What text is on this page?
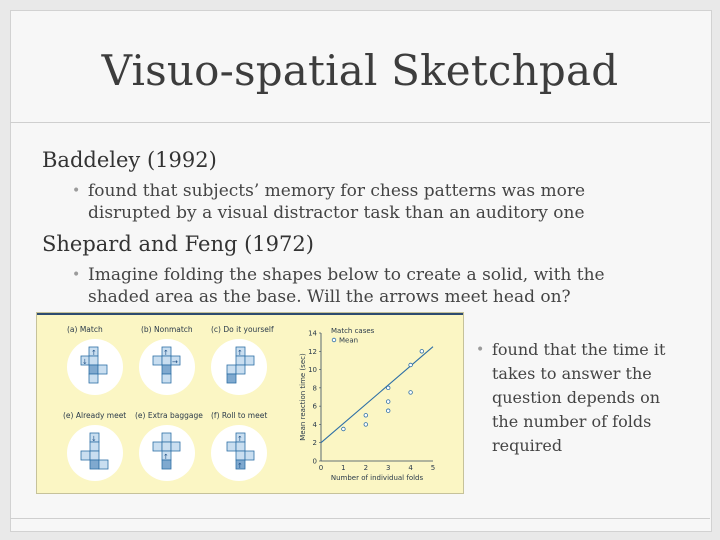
Visuo-spatial Sketchpad
Baddeley (1992)
• found that subjects’ memory for chess patterns was more
disrupted by a visual distractor task than an auditory one
Shepard and Feng (1972)
• Imagine folding the shapes below to create a solid, with the
shaded area as the base. Will the arrows meet head on?
(a) Match	(b) Nonmatch (c) Do it yourself
(e) Already meet (e) Extra baggage (f) Roll to meet
↑
↓
↑
→
↑
↓
↑
↑
↑	0	1	2	3	4	5
0
2
4
6
8
10
12
14
Number of individual folds
Mean reaction time (sec)
Match cases
Mean
• found that the time it
takes to answer the
question depends on
the number of folds
required
